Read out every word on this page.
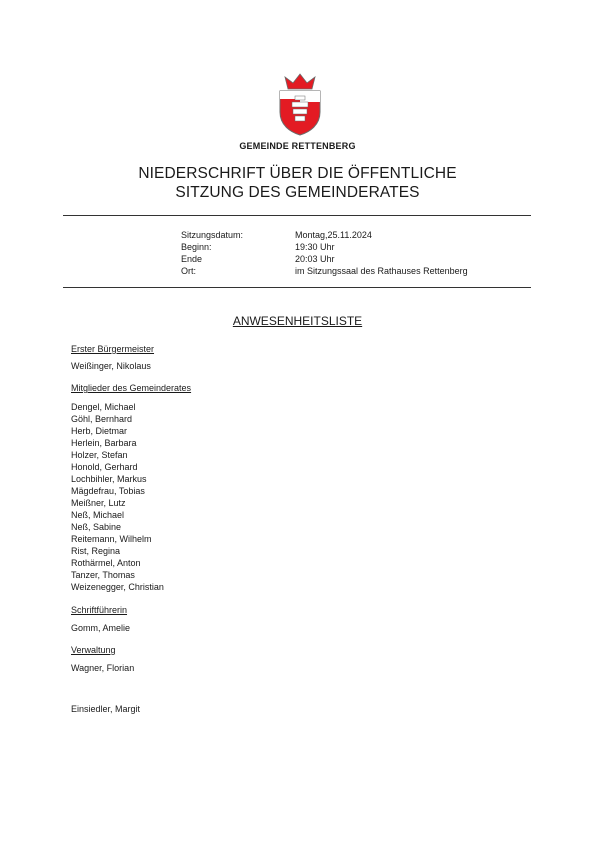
GEMEINDE RETTENBERG
NIEDERSCHRIFT ÜBER DIE ÖFFENTLICHE
SITZUNG DES GEMEINDERATES
Sitzungsdatum:	Montag,25.11.2024
Beginn:	19:30 Uhr
Ende	20:03 Uhr
Ort:	im Sitzungssaal des Rathauses Rettenberg
ANWESENHEITSLISTE
Erster Bürgermeister
Weißinger, Nikolaus
Mitglieder des Gemeinderates
Dengel, Michael
Göhl, Bernhard
Herb, Dietmar
Herlein, Barbara
Holzer, Stefan
Honold, Gerhard
Lochbihler, Markus
Mägdefrau, Tobias
Meißner, Lutz
Neß, Michael
Neß, Sabine
Reitemann, Wilhelm
Rist, Regina
Rothärmel, Anton
Tanzer, Thomas
Weizenegger, Christian
Schriftführerin
Gomm, Amelie
Verwaltung
Wagner, Florian
Einsiedler, Margit
